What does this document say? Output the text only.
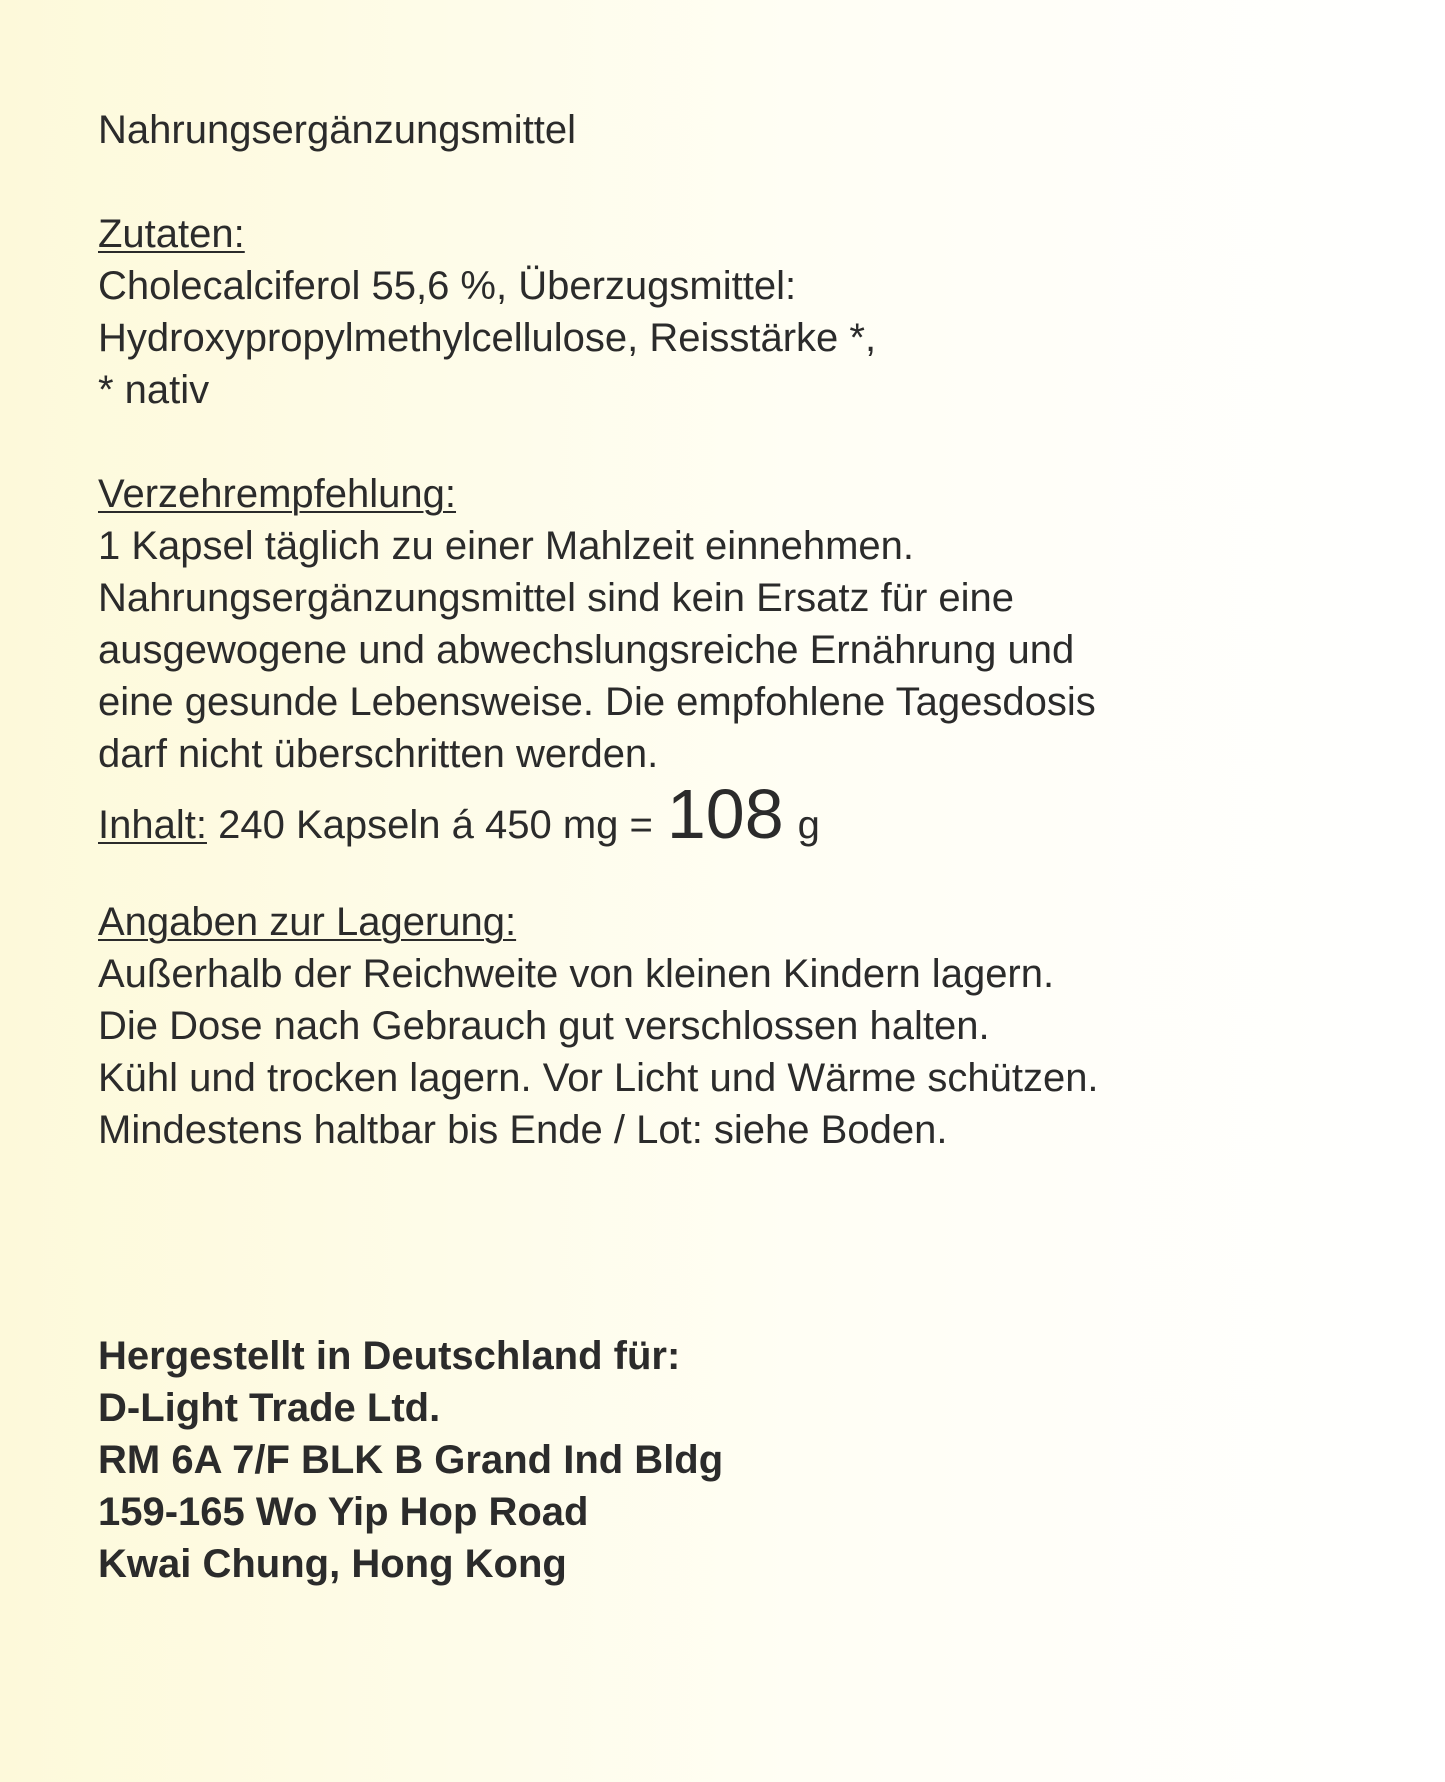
Nahrungsergänzungsmittel
Zutaten:
Cholecalciferol 55,6 %, Überzugsmittel:
Hydroxypropylmethylcellulose, Reisstärke *,
* nativ
Verzehrempfehlung:
1 Kapsel täglich zu einer Mahlzeit einnehmen.
Nahrungsergänzungsmittel sind kein Ersatz für eine
ausgewogene und abwechslungsreiche Ernährung und
eine gesunde Lebensweise. Die empfohlene Tagesdosis
darf nicht überschritten werden.
Inhalt:
240 Kapseln á 450 mg = 108 g
Angaben zur Lagerung:
Außerhalb der Reichweite von kleinen Kindern lagern.
Die Dose nach Gebrauch gut verschlossen halten.
Kühl und trocken lagern. Vor Licht und Wärme schützen.
Mindestens haltbar bis Ende / Lot: siehe Boden.
Hergestellt in Deutschland für:
D-Light Trade Ltd.
RM 6A 7/F BLK B Grand Ind Bldg
159-165 Wo Yip Hop Road
Kwai Chung, Hong Kong
